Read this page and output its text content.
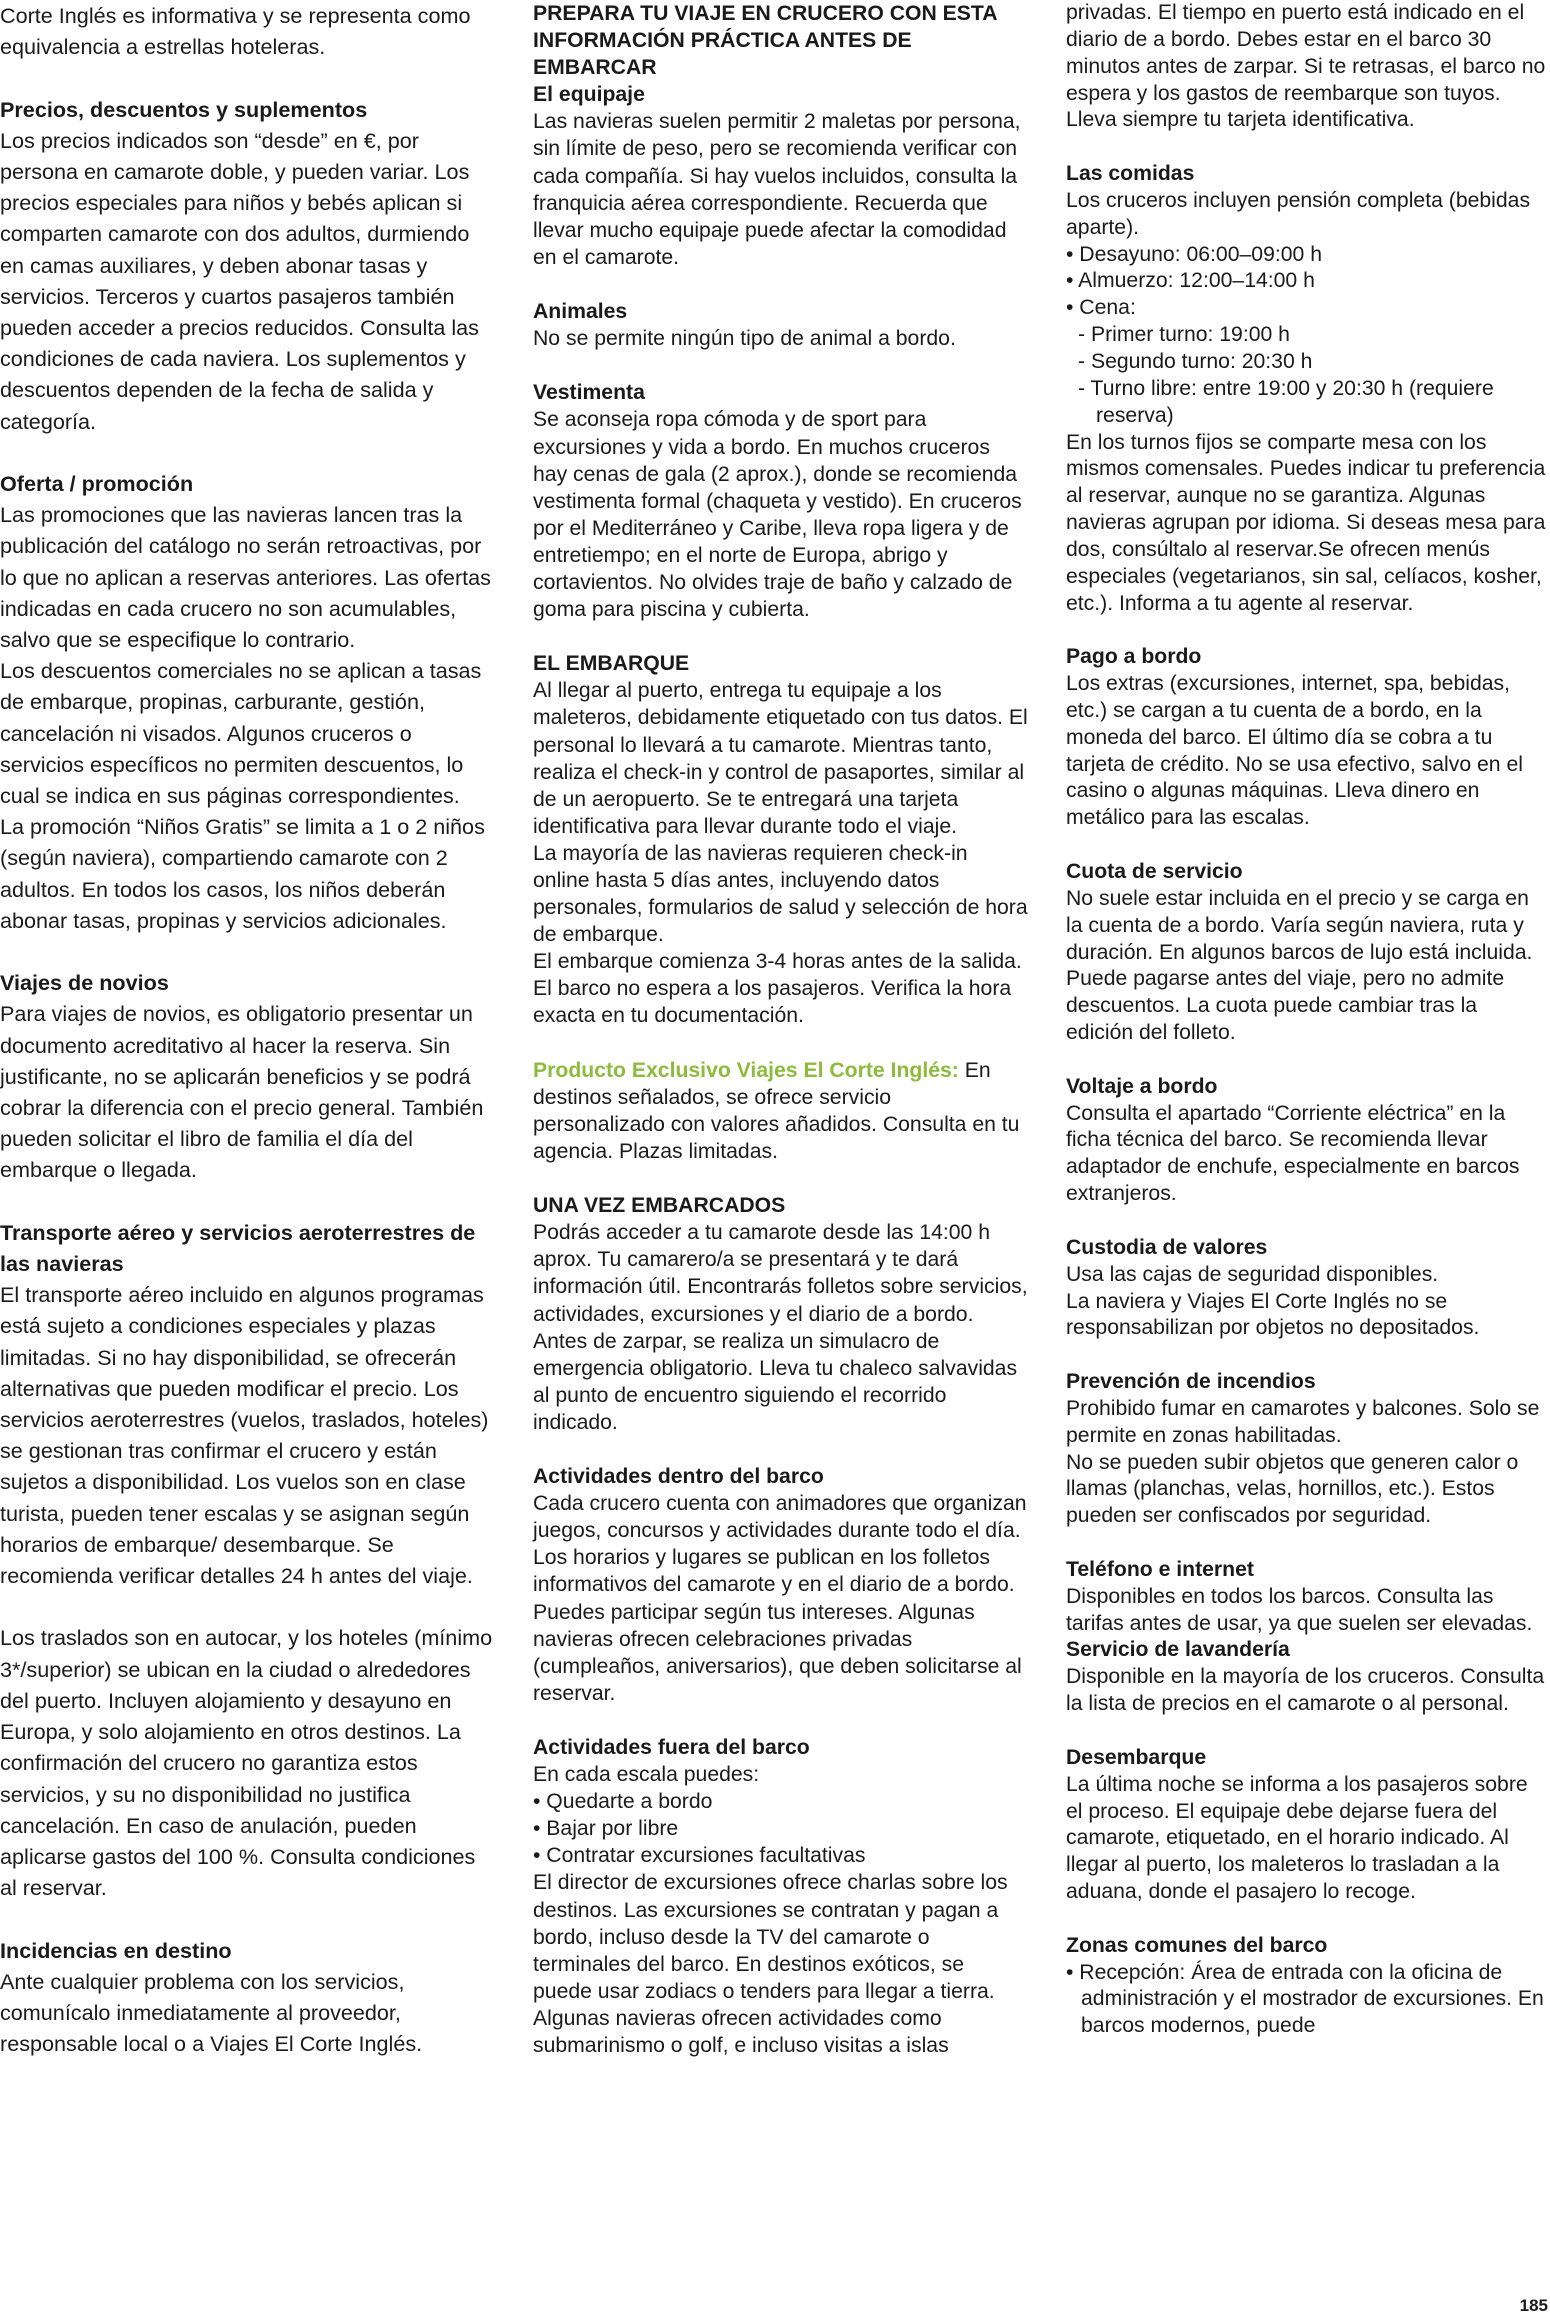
Corte Inglés es informativa y se representa como equivalencia a estrellas hoteleras.

Precios, descuentos y suplementos

Los precios indicados son “desde” en €, por persona en camarote doble, y pueden variar. Los precios especiales para niños y bebés aplican si comparten camarote con dos adultos, durmiendo en camas auxiliares, y deben abonar tasas y servicios. Terceros y cuartos pasajeros también pueden acceder a precios reducidos. Consulta las condiciones de cada naviera. Los suplementos y descuentos dependen de la fecha de salida y categoría.

Oferta / promoción

Las promociones que las navieras lancen tras la publicación del catálogo no serán retroactivas, por lo que no aplican a reservas anteriores. Las ofertas indicadas en cada crucero no son acumulables, salvo que se especifique lo contrario.

Los descuentos comerciales no se aplican a tasas de embarque, propinas, carburante, gestión, cancelación ni visados. Algunos cruceros o servicios específicos no permiten descuentos, lo cual se indica en sus páginas correspondientes.

La promoción “Niños Gratis” se limita a 1 o 2 niños (según naviera), compartiendo camarote con 2 adultos. En todos los casos, los niños deberán abonar tasas, propinas y servicios adicionales.

Viajes de novios

Para viajes de novios, es obligatorio presentar un documento acreditativo al hacer la reserva. Sin justificante, no se aplicarán beneficios y se podrá cobrar la diferencia con el precio general. También pueden solicitar el libro de familia el día del embarque o llegada.

Transporte aéreo y servicios aeroterrestres de las navieras

El transporte aéreo incluido en algunos programas está sujeto a condiciones especiales y plazas limitadas. Si no hay disponibilidad, se ofrecerán alternativas que pueden modificar el precio. Los servicios aeroterrestres (vuelos, traslados, hoteles) se gestionan tras confirmar el crucero y están sujetos a disponibilidad. Los vuelos son en clase turista, pueden tener escalas y se asignan según horarios de embarque/ desembarque. Se recomienda verificar detalles 24 h antes del viaje.

Los traslados son en autocar, y los hoteles (mínimo 3*/superior) se ubican en la ciudad o alrededores del puerto. Incluyen alojamiento y desayuno en Europa, y solo alojamiento en otros destinos. La confirmación del crucero no garantiza estos servicios, y su no disponibilidad no justifica cancelación. En caso de anulación, pueden aplicarse gastos del 100 %. Consulta condiciones al reservar.

Incidencias en destino

Ante cualquier problema con los servicios, comunícalo inmediatamente al proveedor, responsable local o a Viajes El Corte Inglés.

PREPARA TU VIAJE EN CRUCERO CON ESTA INFORMACIÓN PRÁCTICA ANTES DE EMBARCAR

El equipaje

Las navieras suelen permitir 2 maletas por persona, sin límite de peso, pero se recomienda verificar con cada compañía. Si hay vuelos incluidos, consulta la franquicia aérea correspondiente. Recuerda que llevar mucho equipaje puede afectar la comodidad en el camarote.

Animales

No se permite ningún tipo de animal a bordo.

Vestimenta

Se aconseja ropa cómoda y de sport para excursiones y vida a bordo. En muchos cruceros hay cenas de gala (2 aprox.), donde se recomienda vestimenta formal (chaqueta y vestido). En cruceros por el Mediterráneo y Caribe, lleva ropa ligera y de entretiempo; en el norte de Europa, abrigo y cortavientos. No olvides traje de baño y calzado de goma para piscina y cubierta.

EL EMBARQUE

Al llegar al puerto, entrega tu equipaje a los maleteros, debidamente etiquetado con tus datos. El personal lo llevará a tu camarote. Mientras tanto, realiza el check-in y control de pasaportes, similar al de un aeropuerto. Se te entregará una tarjeta identificativa para llevar durante todo el viaje.

La mayoría de las navieras requieren check-in online hasta 5 días antes, incluyendo datos personales, formularios de salud y selección de hora de embarque.

El embarque comienza 3-4 horas antes de la salida. El barco no espera a los pasajeros. Verifica la hora exacta en tu documentación.

Producto Exclusivo Viajes El Corte Inglés: En destinos señalados, se ofrece servicio personalizado con valores añadidos. Consulta en tu agencia. Plazas limitadas.

UNA VEZ EMBARCADOS

Podrás acceder a tu camarote desde las 14:00 h aprox. Tu camarero/a se presentará y te dará información útil. Encontrarás folletos sobre servicios, actividades, excursiones y el diario de a bordo. Antes de zarpar, se realiza un simulacro de emergencia obligatorio. Lleva tu chaleco salvavidas al punto de encuentro siguiendo el recorrido indicado.

Actividades dentro del barco

Cada crucero cuenta con animadores que organizan juegos, concursos y actividades durante todo el día. Los horarios y lugares se publican en los folletos informativos del camarote y en el diario de a bordo. Puedes participar según tus intereses. Algunas navieras ofrecen celebraciones privadas (cumpleaños, aniversarios), que deben solicitarse al reservar.

Actividades fuera del barco

En cada escala puedes:

• Quedarte a bordo
• Bajar por libre
• Contratar excursiones facultativas

El director de excursiones ofrece charlas sobre los destinos. Las excursiones se contratan y pagan a bordo, incluso desde la TV del camarote o terminales del barco. En destinos exóticos, se puede usar zodiacs o tenders para llegar a tierra. Algunas navieras ofrecen actividades como submarinismo o golf, e incluso visitas a islas

privadas. El tiempo en puerto está indicado en el diario de a bordo. Debes estar en el barco 30 minutos antes de zarpar. Si te retrasas, el barco no espera y los gastos de reembarque son tuyos. Lleva siempre tu tarjeta identificativa.

Las comidas

Los cruceros incluyen pensión completa (bebidas aparte).

• Desayuno: 06:00–09:00 h
• Almuerzo: 12:00–14:00 h
• Cena:
- Primer turno: 19:00 h
- Segundo turno: 20:30 h
- Turno libre: entre 19:00 y 20:30 h (requiere reserva)

En los turnos fijos se comparte mesa con los mismos comensales. Puedes indicar tu preferencia al reservar, aunque no se garantiza. Algunas navieras agrupan por idioma. Si deseas mesa para dos, consúltalo al reservar.Se ofrecen menús especiales (vegetarianos, sin sal, celíacos, kosher, etc.). Informa a tu agente al reservar.

Pago a bordo

Los extras (excursiones, internet, spa, bebidas, etc.) se cargan a tu cuenta de a bordo, en la moneda del barco. El último día se cobra a tu tarjeta de crédito. No se usa efectivo, salvo en el casino o algunas máquinas. Lleva dinero en metálico para las escalas.

Cuota de servicio

No suele estar incluida en el precio y se carga en la cuenta de a bordo. Varía según naviera, ruta y duración. En algunos barcos de lujo está incluida. Puede pagarse antes del viaje, pero no admite descuentos. La cuota puede cambiar tras la edición del folleto.

Voltaje a bordo

Consulta el apartado “Corriente eléctrica” en la ficha técnica del barco. Se recomienda llevar adaptador de enchufe, especialmente en barcos extranjeros.

Custodia de valores

Usa las cajas de seguridad disponibles.

La naviera y Viajes El Corte Inglés no se responsabilizan por objetos no depositados.

Prevención de incendios

Prohibido fumar en camarotes y balcones. Solo se permite en zonas habilitadas.

No se pueden subir objetos que generen calor o llamas (planchas, velas, hornillos, etc.). Estos pueden ser confiscados por seguridad.

Teléfono e internet

Disponibles en todos los barcos. Consulta las tarifas antes de usar, ya que suelen ser elevadas.

Servicio de lavandería

Disponible en la mayoría de los cruceros. Consulta la lista de precios en el camarote o al personal.

Desembarque

La última noche se informa a los pasajeros sobre el proceso. El equipaje debe dejarse fuera del camarote, etiquetado, en el horario indicado. Al llegar al puerto, los maleteros lo trasladan a la aduana, donde el pasajero lo recoge.

Zonas comunes del barco

• Recepción: Área de entrada con la oficina de administración y el mostrador de excursiones. En barcos modernos, puede
185
